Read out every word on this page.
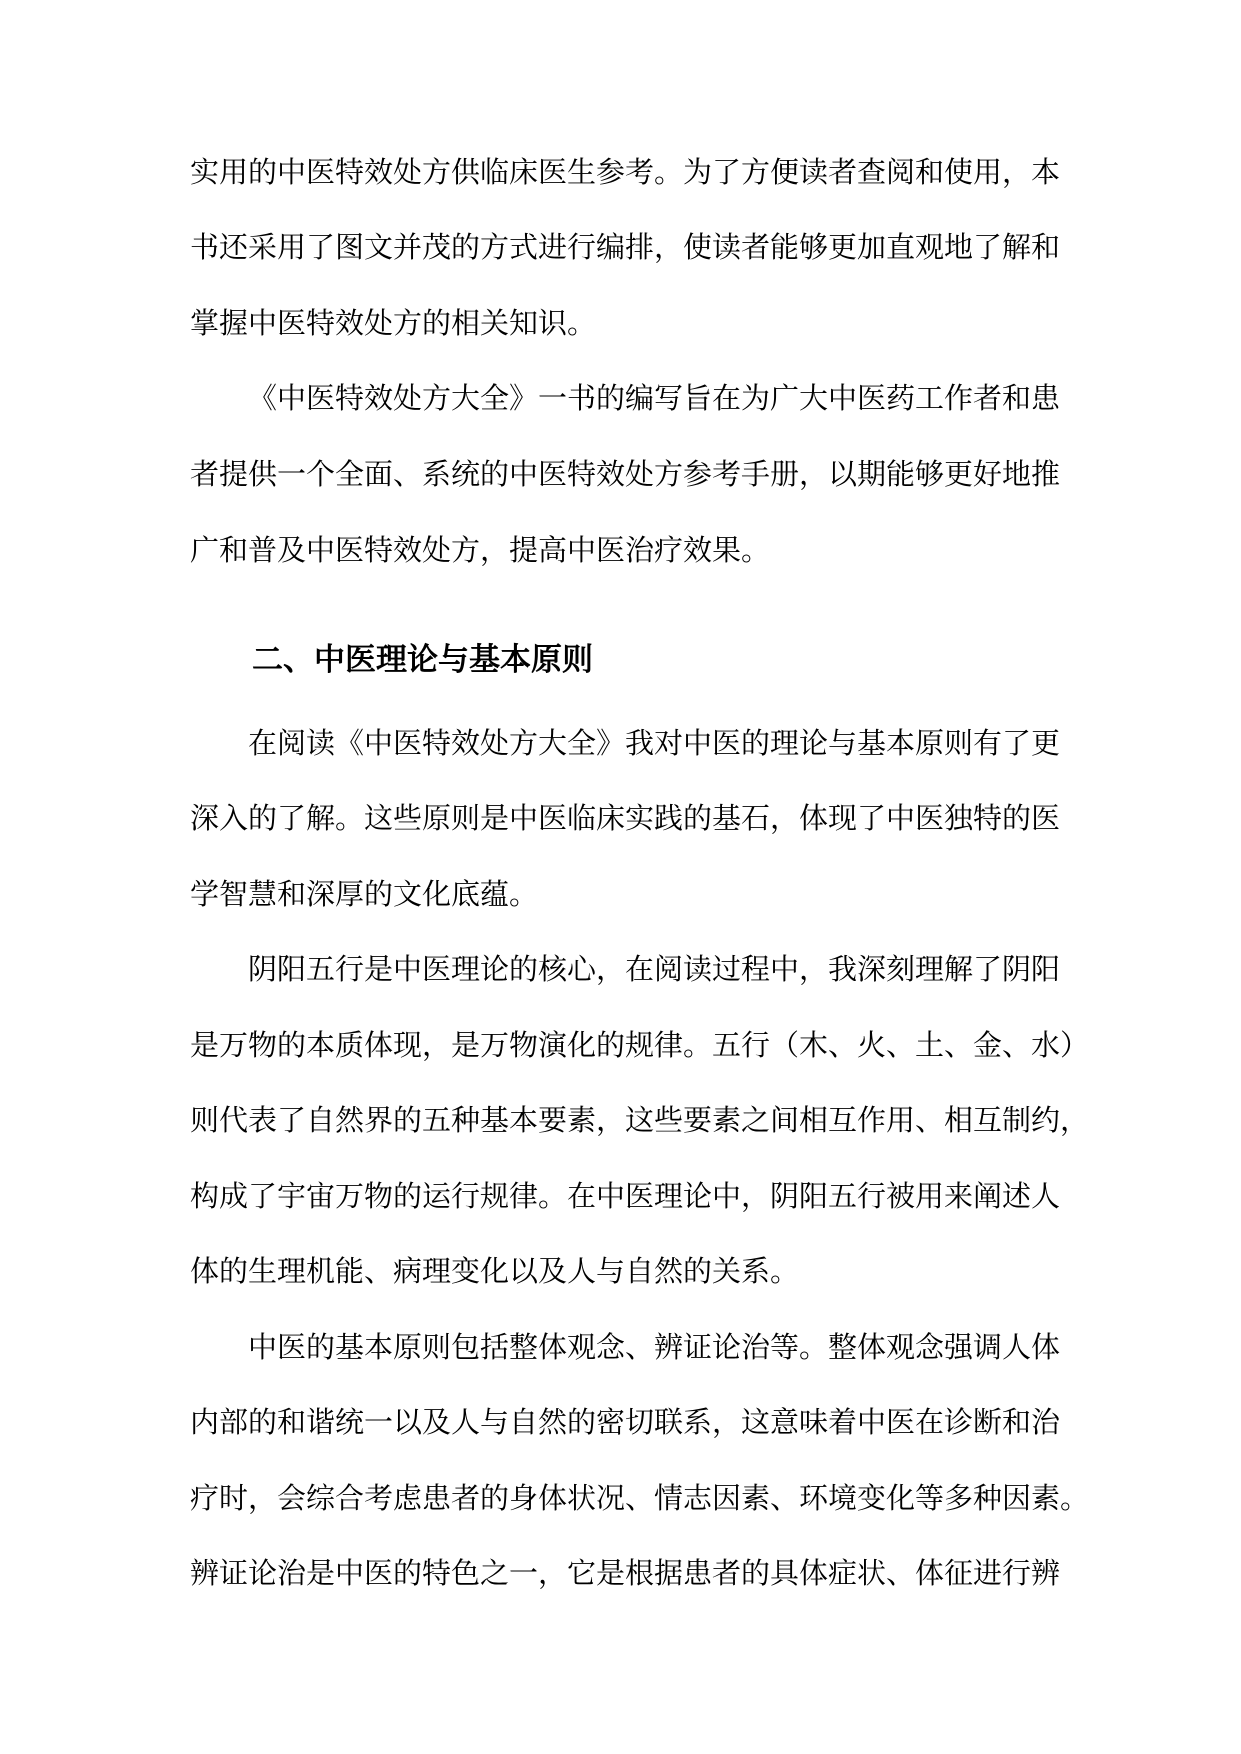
实用的中医特效处方供临床医生参考。为了方便读者查阅和使用，本
书还采用了图文并茂的方式进行编排，使读者能够更加直观地了解和
掌握中医特效处方的相关知识。
《中医特效处方大全》一书的编写旨在为广大中医药工作者和患
者提供一个全面、系统的中医特效处方参考手册，以期能够更好地推
广和普及中医特效处方，提高中医治疗效果。
二、中医理论与基本原则
在阅读《中医特效处方大全》我对中医的理论与基本原则有了更
深入的了解。这些原则是中医临床实践的基石，体现了中医独特的医
学智慧和深厚的文化底蕴。
阴阳五行是中医理论的核心，在阅读过程中，我深刻理解了阴阳
是万物的本质体现，是万物演化的规律。五行（木、火、土、金、水）
则代表了自然界的五种基本要素，这些要素之间相互作用、相互制约，
构成了宇宙万物的运行规律。在中医理论中，阴阳五行被用来阐述人
体的生理机能、病理变化以及人与自然的关系。
中医的基本原则包括整体观念、辨证论治等。整体观念强调人体
内部的和谐统一以及人与自然的密切联系，这意味着中医在诊断和治
疗时，会综合考虑患者的身体状况、情志因素、环境变化等多种因素。
辨证论治是中医的特色之一，它是根据患者的具体症状、体征进行辨
